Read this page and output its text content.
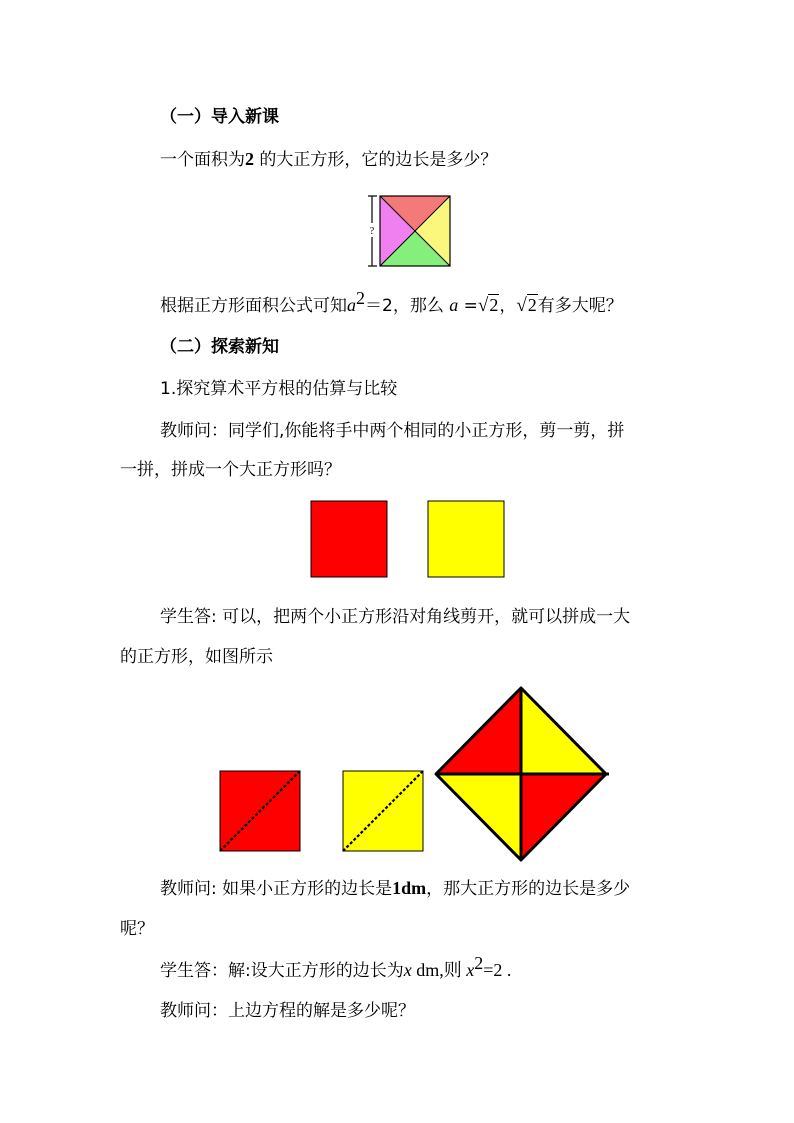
（一）导入新课
一个面积为2 的大正方形，它的边长是多少？
?
根据正方形面积公式可知$a^2=2$，那么 a =√2，√2有多大呢？
（二）探索新知
1.探究算术平方根的估算与比较
教师问：同学们,你能将手中两个相同的小正方形，剪一剪，拼
一拼，拼成一个大正方形吗？
学生答: 可以，把两个小正方形沿对角线剪开，就可以拼成一大
的正方形，如图所示
教师问: 如果小正方形的边长是1dm，那大正方形的边长是多少
呢？
学生答：解:设大正方形的边长为x dm,则 $x^2=2$ .
教师问：上边方程的解是多少呢？
